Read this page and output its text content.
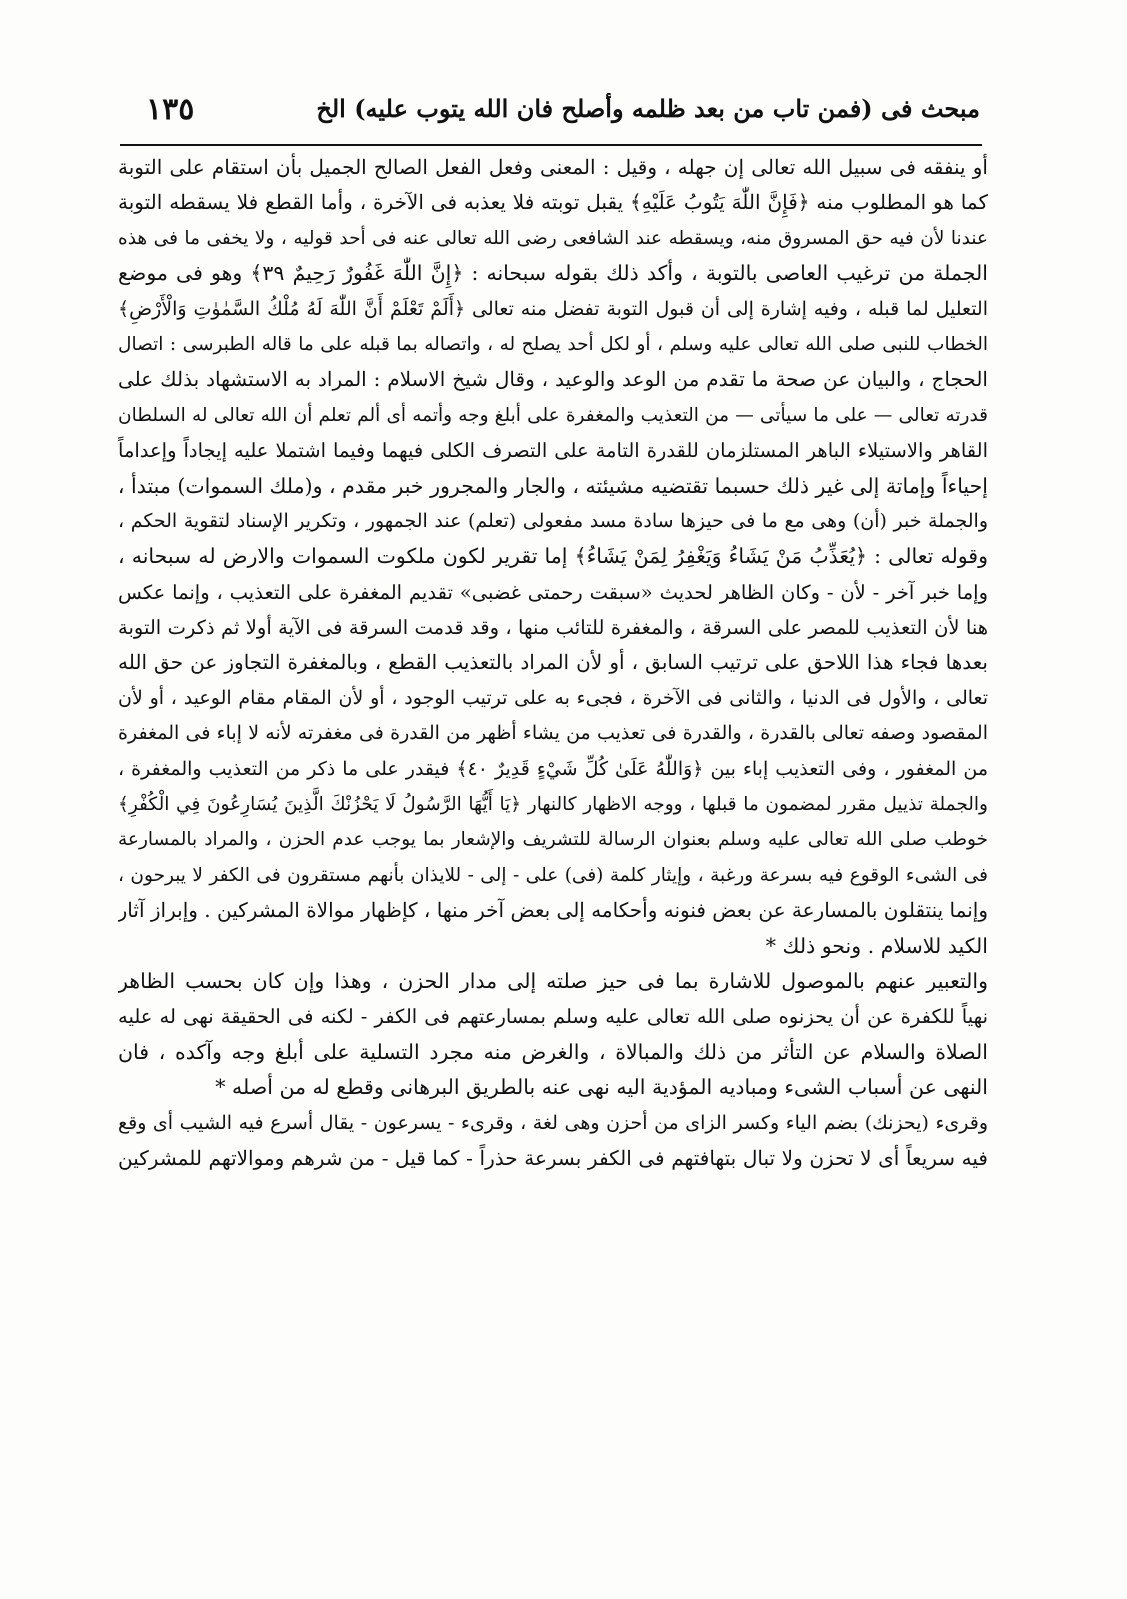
مبحث فى (فمن تاب من بعد ظلمه وأصلح فان الله يتوب عليه) الخ
١٣٥
أو ينفقه فى سبيل الله تعالى إن جهله ، وقيل : المعنى وفعل الفعل الصالح الجميل بأن استقام على التوبة
كما هو المطلوب منه ﴿فَإِنَّ اللّٰهَ يَتُوبُ عَلَيْهِ﴾ يقبل توبته فلا يعذبه فى الآخرة ، وأما القطع فلا يسقطه التوبة
عندنا لأن فيه حق المسروق منه، ويسقطه عند الشافعى رضى الله تعالى عنه فى أحد قوليه ، ولا يخفى ما فى هذه
الجملة من ترغيب العاصى بالتوبة ، وأكد ذلك بقوله سبحانه : ﴿إِنَّ اللّٰهَ غَفُورٌ رَحِيمٌ ٣٩﴾ وهو فى موضع
التعليل لما قبله ، وفيه إشارة إلى أن قبول التوبة تفضل منه تعالى ﴿أَلَمْ تَعْلَمْ أَنَّ اللّٰهَ لَهُ مُلْكُ السَّمٰوٰتِ وَالْأَرْضِ﴾
الخطاب للنبى صلى الله تعالى عليه وسلم ، أو لكل أحد يصلح له ، واتصاله بما قبله على ما قاله الطبرسى : اتصال
الحجاج ، والبيان عن صحة ما تقدم من الوعد والوعيد ، وقال شيخ الاسلام : المراد به الاستشهاد بذلك على
قدرته تعالى — على ما سيأتى — من التعذيب والمغفرة على أبلغ وجه وأتمه أى ألم تعلم أن الله تعالى له السلطان
القاهر والاستيلاء الباهر المستلزمان للقدرة التامة على التصرف الكلى فيهما وفيما اشتملا عليه إيجاداً وإعداماً
إحياءاً وإماتة إلى غير ذلك حسبما تقتضيه مشيئته ، والجار والمجرور خبر مقدم ، و(ملك السموات) مبتدأ ،
والجملة خبر (أن) وهى مع ما فى حيزها سادة مسد مفعولى (تعلم) عند الجمهور ، وتكرير الإسناد لتقوية الحكم ،
وقوله تعالى : ﴿يُعَذِّبُ مَنْ يَشَاءُ وَيَغْفِرُ لِمَنْ يَشَاءُ﴾ إما تقرير لكون ملكوت السموات والارض له سبحانه ،
وإما خبر آخر - لأن - وكان الظاهر لحديث «سبقت رحمتى غضبى» تقديم المغفرة على التعذيب ، وإنما عكس
هنا لأن التعذيب للمصر على السرقة ، والمغفرة للتائب منها ، وقد قدمت السرقة فى الآية أولا ثم ذكرت التوبة
بعدها فجاء هذا اللاحق على ترتيب السابق ، أو لأن المراد بالتعذيب القطع ، وبالمغفرة التجاوز عن حق الله
تعالى ، والأول فى الدنيا ، والثانى فى الآخرة ، فجىء به على ترتيب الوجود ، أو لأن المقام مقام الوعيد ، أو لأن
المقصود وصفه تعالى بالقدرة ، والقدرة فى تعذيب من يشاء أظهر من القدرة فى مغفرته لأنه لا إباء فى المغفرة
من المغفور ، وفى التعذيب إباء بين ﴿وَاللّٰهُ عَلَىٰ كُلِّ شَيْءٍ قَدِيرٌ ٤٠﴾ فيقدر على ما ذكر من التعذيب والمغفرة ،
والجملة تذييل مقرر لمضمون ما قبلها ، ووجه الاظهار كالنهار ﴿يَا أَيُّهَا الرَّسُولُ لَا يَحْزُنْكَ الَّذِينَ يُسَارِعُونَ فِي الْكُفْرِ﴾
خوطب صلى الله تعالى عليه وسلم بعنوان الرسالة للتشريف والإشعار بما يوجب عدم الحزن ، والمراد بالمسارعة
فى الشىء الوقوع فيه بسرعة ورغبة ، وإيثار كلمة (فى) على - إلى - للايذان بأنهم مستقرون فى الكفر لا يبرحون ،
وإنما ينتقلون بالمسارعة عن بعض فنونه وأحكامه إلى بعض آخر منها ، كإظهار موالاة المشركين . وإبراز آثار
الكيد للاسلام . ونحو ذلك *
والتعبير عنهم بالموصول للاشارة بما فى حيز صلته إلى مدار الحزن ، وهذا وإن كان بحسب الظاهر
نهياً للكفرة عن أن يحزنوه صلى الله تعالى عليه وسلم بمسارعتهم فى الكفر - لكنه فى الحقيقة نهى له عليه
الصلاة والسلام عن التأثر من ذلك والمبالاة ، والغرض منه مجرد التسلية على أبلغ وجه وآكده ، فان
النهى عن أسباب الشىء ومباديه المؤدية اليه نهى عنه بالطريق البرهانى وقطع له من أصله *
وقرىء (يحزنك) بضم الياء وكسر الزاى من أحزن وهى لغة ، وقرىء - يسرعون - يقال أسرع فيه الشيب أى وقع
فيه سريعاً أى لا تحزن ولا تبال بتهافتهم فى الكفر بسرعة حذراً - كما قيل - من شرهم وموالاتهم للمشركين
